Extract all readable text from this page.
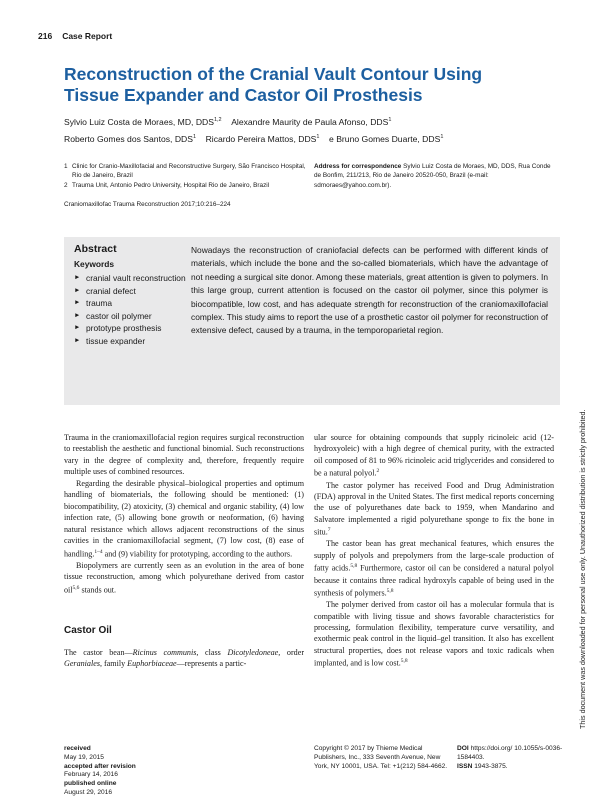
216 Case Report
Reconstruction of the Cranial Vault Contour Using Tissue Expander and Castor Oil Prosthesis
Sylvio Luiz Costa de Moraes, MD, DDS$^{1,2}$ Alexandre Maurity de Paula Afonso, DDS$^1$
Roberto Gomes dos Santos, DDS$^1$ Ricardo Pereira Mattos, DDS$^1$ e Bruno Gomes Duarte, DDS$^1$
1 Clinic for Cranio-Maxillofacial and Reconstructive Surgery, São Francisco Hospital, Rio de Janeiro, Brazil
2 Trauma Unit, Antonio Pedro University, Hospital Rio de Janeiro, Brazil
Address for correspondence Sylvio Luiz Costa de Moraes, MD, DDS, Rua Conde de Bonfim, 211/213, Rio de Janeiro 20520-050, Brazil (e-mail: sdmoraes@yahoo.com.br).
Craniomaxillofac Trauma Reconstruction 2017;10:216–224
Abstract
Keywords
► cranial vault reconstruction
► cranial defect
► trauma
► castor oil polymer
► prototype prosthesis
► tissue expander

Nowadays the reconstruction of craniofacial defects can be performed with different kinds of materials, which include the bone and the so-called biomaterials, which have the advantage of not needing a surgical site donor. Among these materials, great attention is given to polymers. In this large group, current attention is focused on the castor oil polymer, since this polymer is biocompatible, low cost, and has adequate strength for reconstruction of the craniomaxillofacial complex. This study aims to report the use of a prosthetic castor oil polymer for reconstruction of extensive defect, caused by a trauma, in the temporoparietal region.

Trauma in the craniomaxillofacial region requires surgical reconstruction to reestablish the aesthetic and functional binomial. Such reconstructions vary in the degree of complexity and, therefore, frequently require multiple uses of combined resources.

Regarding the desirable physical–biological properties and optimum handling of biomaterials, the following should be mentioned: (1) biocompatibility, (2) atoxicity, (3) chemical and organic stability, (4) low infection rate, (5) allowing bone growth or neoformation, (6) having natural resistance which allows adjacent reconstructions of the sinus cavities in the craniomaxillofacial segment, (7) low cost, (8) ease of handling.$^{1-4}$ and (9) viability for prototyping, according to the authors.

Biopolymers are currently seen as an evolution in the area of bone tissue reconstruction, among which polyurethane derived from castor oil$^{5,6}$ stands out.

Castor Oil

The castor bean—Ricinus communis, class Dicotyledoneae, order Geraniales, family Euphorbiaceae—represents a partic-

ular source for obtaining compounds that supply ricinoleic acid (12-hydroxyoleic) with a high degree of chemical purity, with the extracted oil composed of 81 to 96% ricinoleic acid triglycerides and considered to be a natural polyol.$^2$

The castor polymer has received Food and Drug Administration (FDA) approval in the United States. The first medical reports concerning the use of polyurethanes date back to 1959, when Mandarino and Salvatore implemented a rigid polyurethane sponge to fix the bone in situ.$^7$

The castor bean has great mechanical features, which ensures the supply of polyols and prepolymers from the large-scale production of fatty acids.$^{5,8}$ Furthermore, castor oil can be considered a natural polyol because it contains three radical hydroxyls capable of being used in the synthesis of polymers.$^{5,8}$

The polymer derived from castor oil has a molecular formula that is compatible with living tissue and shows favorable characteristics for processing, formulation flexibility, temperature curve versatility, and exothermic peak control in the liquid–gel transition. It also has excellent structural properties, does not release vapors and toxic radicals when implanted, and is low cost.$^{5,8}$

received
May 19, 2015
accepted after revision
February 14, 2016
published online
August 29, 2016
Copyright © 2017 by Thieme Medical Publishers, Inc., 333 Seventh Avenue, New York, NY 10001, USA. Tel: +1(212) 584-4662.
DOI https://doi.org/ 10.1055/s-0036-1584403.
ISSN 1943-3875.
This document was downloaded for personal use only. Unauthorized distribution is strictly prohibited.
